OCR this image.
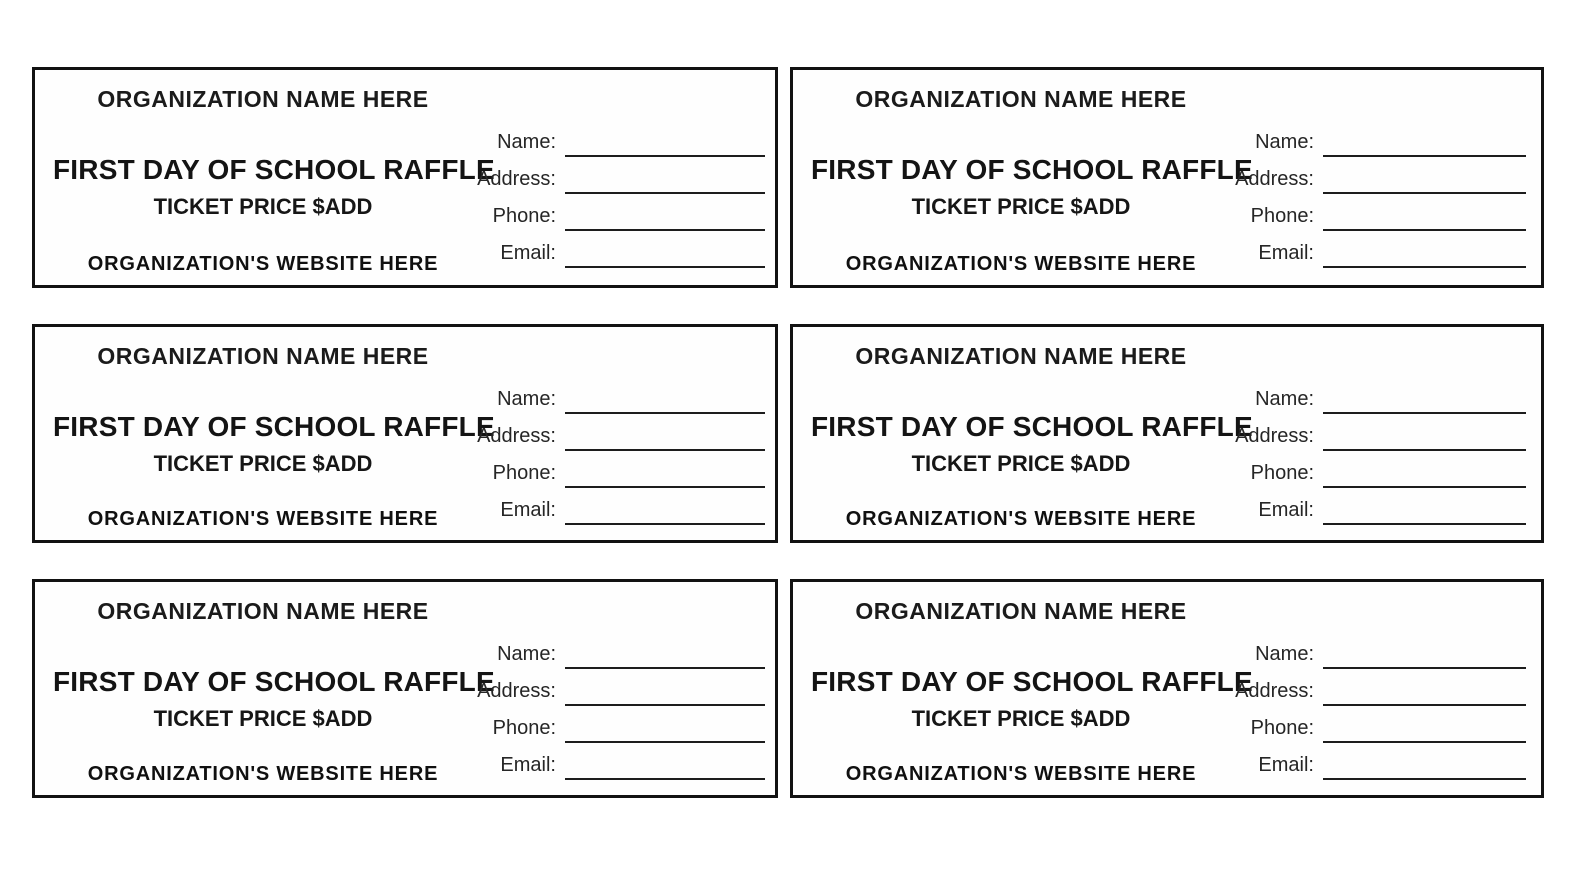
ORGANIZATION NAME HERE
FIRST DAY OF SCHOOL RAFFLE
TICKET PRICE $ADD
ORGANIZATION'S WEBSITE HERE
Name:
Address:
Phone:
Email:
ORGANIZATION NAME HERE
FIRST DAY OF SCHOOL RAFFLE
TICKET PRICE $ADD
ORGANIZATION'S WEBSITE HERE
Name:
Address:
Phone:
Email:
ORGANIZATION NAME HERE
FIRST DAY OF SCHOOL RAFFLE
TICKET PRICE $ADD
ORGANIZATION'S WEBSITE HERE
Name:
Address:
Phone:
Email:
ORGANIZATION NAME HERE
FIRST DAY OF SCHOOL RAFFLE
TICKET PRICE $ADD
ORGANIZATION'S WEBSITE HERE
Name:
Address:
Phone:
Email:
ORGANIZATION NAME HERE
FIRST DAY OF SCHOOL RAFFLE
TICKET PRICE $ADD
ORGANIZATION'S WEBSITE HERE
Name:
Address:
Phone:
Email:
ORGANIZATION NAME HERE
FIRST DAY OF SCHOOL RAFFLE
TICKET PRICE $ADD
ORGANIZATION'S WEBSITE HERE
Name:
Address:
Phone:
Email:
